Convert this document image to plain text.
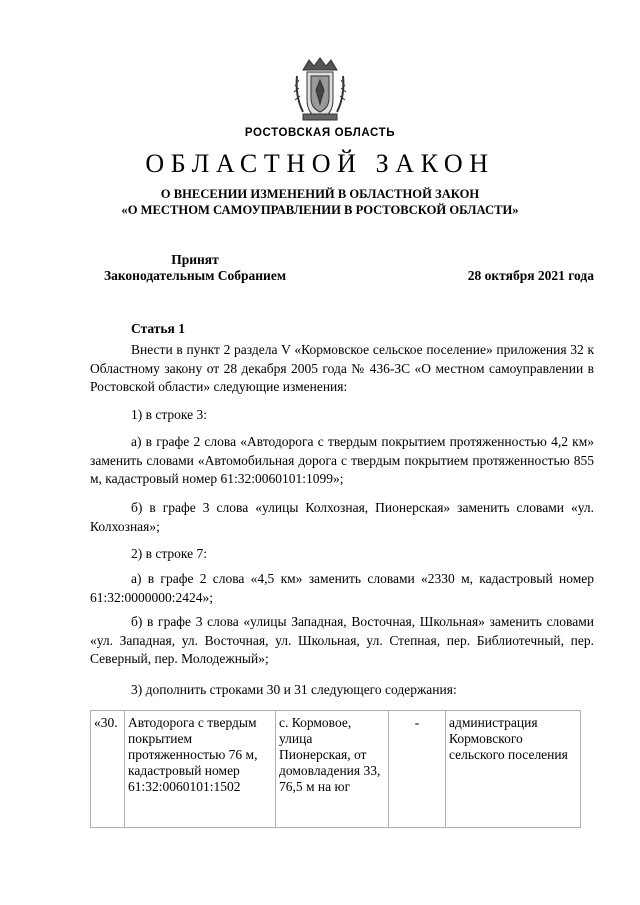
РОСТОВСКАЯ ОБЛАСТЬ
ОБЛАСТНОЙ ЗАКОН
О ВНЕСЕНИИ ИЗМЕНЕНИЙ В ОБЛАСТНОЙ ЗАКОН
«О МЕСТНОМ САМОУПРАВЛЕНИИ В РОСТОВСКОЙ ОБЛАСТИ»
Принят
Законодательным Собранием	28 октября 2021 года
Статья 1

Внести в пункт 2 раздела V «Кормовское сельское поселение» приложения 32 к Областному закону от 28 декабря 2005 года № 436-ЗС «О местном самоуправлении в Ростовской области» следующие изменения:

1) в строке 3:

а) в графе 2 слова «Автодорога с твердым покрытием протяженностью 4,2 км» заменить словами «Автомобильная дорога с твердым покрытием протяженностью 855 м, кадастровый номер 61:32:0060101:1099»;

б) в графе 3 слова «улицы Колхозная, Пионерская» заменить словами «ул. Колхозная»;

2) в строке 7:

а) в графе 2 слова «4,5 км» заменить словами «2330 м, кадастровый номер 61:32:0000000:2424»;

б) в графе 3 слова «улицы Западная, Восточная, Школьная» заменить словами «ул. Западная, ул. Восточная, ул. Школьная, ул. Степная, пер. Библиотечный, пер. Северный, пер. Молодежный»;

3) дополнить строками 30 и 31 следующего содержания:

«30.	Автодорога с твердым покрытием протяженностью 76 м, кадастровый номер 61:32:0060101:1502	с. Кормовое, улица Пионерская, от домовладения 33, 76,5 м на юг	-	администрация Кормовского сельского поселения
